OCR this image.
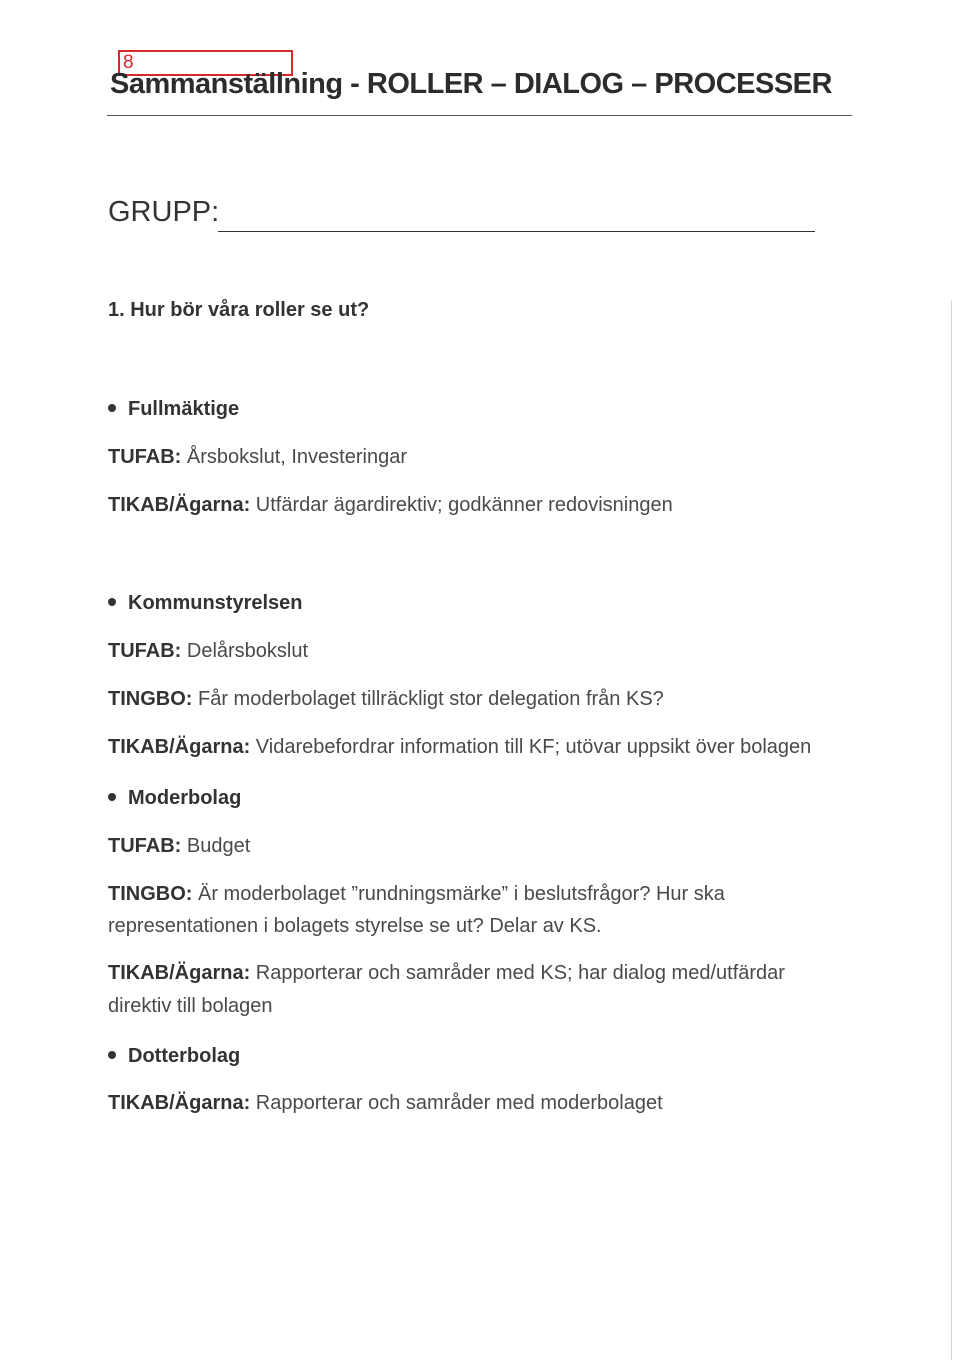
8
Sammanställning - ROLLER – DIALOG – PROCESSER
GRUPP:
1. Hur bör våra roller se ut?
Fullmäktige
TUFAB: Årsbokslut, Investeringar
TIKAB/Ägarna: Utfärdar ägardirektiv; godkänner redovisningen
Kommunstyrelsen
TUFAB: Delårsbokslut
TINGBO: Får moderbolaget tillräckligt stor delegation från KS?
TIKAB/Ägarna: Vidarebefordrar information till KF; utövar uppsikt över bolagen
Moderbolag
TUFAB: Budget
TINGBO: Är moderbolaget ”rundningsmärke” i beslutsfrågor? Hur ska
representationen i bolagets styrelse se ut? Delar av KS.
TIKAB/Ägarna: Rapporterar och samråder med KS; har dialog med/utfärdar
direktiv till bolagen
Dotterbolag
TIKAB/Ägarna: Rapporterar och samråder med moderbolaget
